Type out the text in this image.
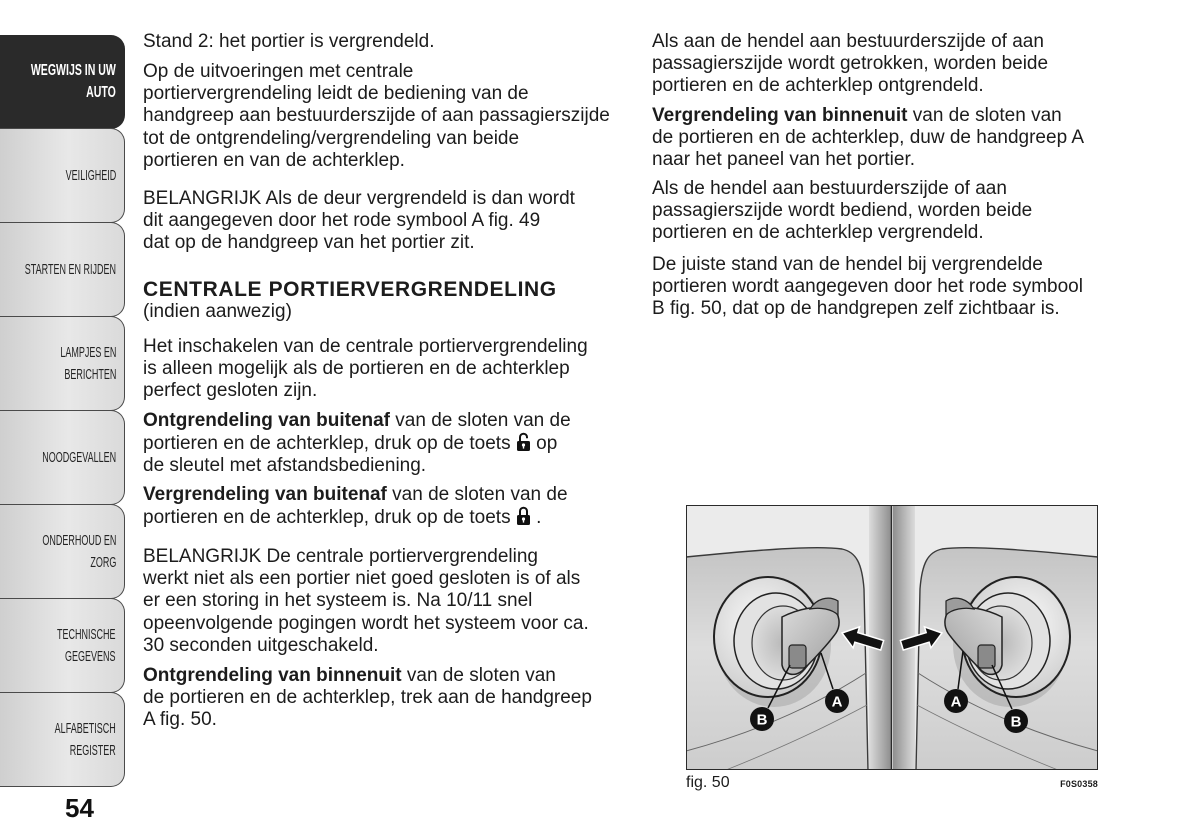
WEGWIJS IN UW
AUTO
VEILIGHEID
STARTEN EN RIJDEN
LAMPJES EN
BERICHTEN
NOODGEVALLEN
ONDERHOUD EN
ZORG
TECHNISCHE
GEGEVENS
ALFABETISCH
REGISTER
54
Stand 2: het portier is vergrendeld.
Op de uitvoeringen met centrale
portiervergrendeling leidt de bediening van de
handgreep aan bestuurderszijde of aan passagierszijde
tot de ontgrendeling/vergrendeling van beide
portieren en van de achterklep.
BELANGRIJK Als de deur vergrendeld is dan wordt
dit aangegeven door het rode symbool A fig. 49
dat op de handgreep van het portier zit.
CENTRALE PORTIERVERGRENDELING
(indien aanwezig)
Het inschakelen van de centrale portiervergrendeling
is alleen mogelijk als de portieren en de achterklep
perfect gesloten zijn.
Ontgrendeling van buitenaf van de sloten van de
portieren en de achterklep, druk op de toets  op
de sleutel met afstandsbediening.
Vergrendeling van buitenaf van de sloten van de
portieren en de achterklep, druk op de toets  .
BELANGRIJK De centrale portiervergrendeling
werkt niet als een portier niet goed gesloten is of als
er een storing in het systeem is. Na 10/11 snel
opeenvolgende pogingen wordt het systeem voor ca.
30 seconden uitgeschakeld.
Ontgrendeling van binnenuit van de sloten van
de portieren en de achterklep, trek aan de handgreep
A fig. 50.
Als aan de hendel aan bestuurderszijde of aan
passagierszijde wordt getrokken, worden beide
portieren en de achterklep ontgrendeld.
Vergrendeling van binnenuit van de sloten van
de portieren en de achterklep, duw de handgreep A
naar het paneel van het portier.
Als de hendel aan bestuurderszijde of aan
passagierszijde wordt bediend, worden beide
portieren en de achterklep vergrendeld.
De juiste stand van de hendel bij vergrendelde
portieren wordt aangegeven door het rode symbool
B fig. 50, dat op de handgrepen zelf zichtbaar is.
B
A	A
B
fig. 50	F0S0358
